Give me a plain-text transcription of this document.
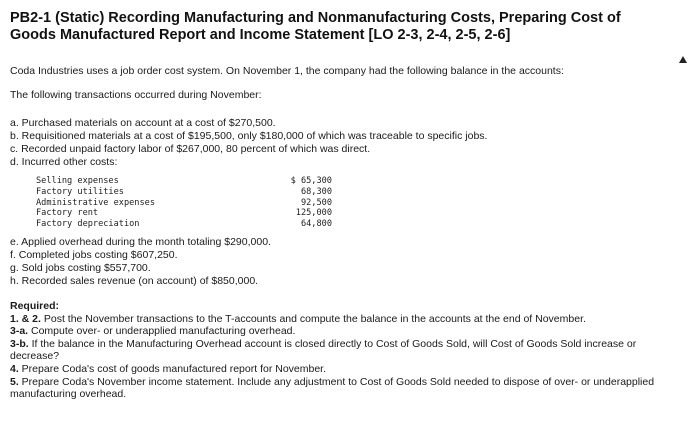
PB2-1 (Static) Recording Manufacturing and Nonmanufacturing Costs, Preparing Cost of Goods Manufactured Report and Income Statement [LO 2-3, 2-4, 2-5, 2-6]
Coda Industries uses a job order cost system. On November 1, the company had the following balance in the accounts:
The following transactions occurred during November:
a. Purchased materials on account at a cost of $270,500.
b. Requisitioned materials at a cost of $195,500, only $180,000 of which was traceable to specific jobs.
c. Recorded unpaid factory labor of $267,000, 80 percent of which was direct.
d. Incurred other costs:
Selling expenses	$ 65,300
Factory utilities	68,300
Administrative expenses	92,500
Factory rent	125,000
Factory depreciation	64,800
e. Applied overhead during the month totaling $290,000.
f. Completed jobs costing $607,250.
g. Sold jobs costing $557,700.
h. Recorded sales revenue (on account) of $850,000.

Required:

1. & 2. Post the November transactions to the T-accounts and compute the balance in the accounts at the end of November.

3-a. Compute over- or underapplied manufacturing overhead.

3-b. If the balance in the Manufacturing Overhead account is closed directly to Cost of Goods Sold, will Cost of Goods Sold increase or decrease?

4. Prepare Coda's cost of goods manufactured report for November.

5. Prepare Coda's November income statement. Include any adjustment to Cost of Goods Sold needed to dispose of over- or underapplied manufacturing overhead.
